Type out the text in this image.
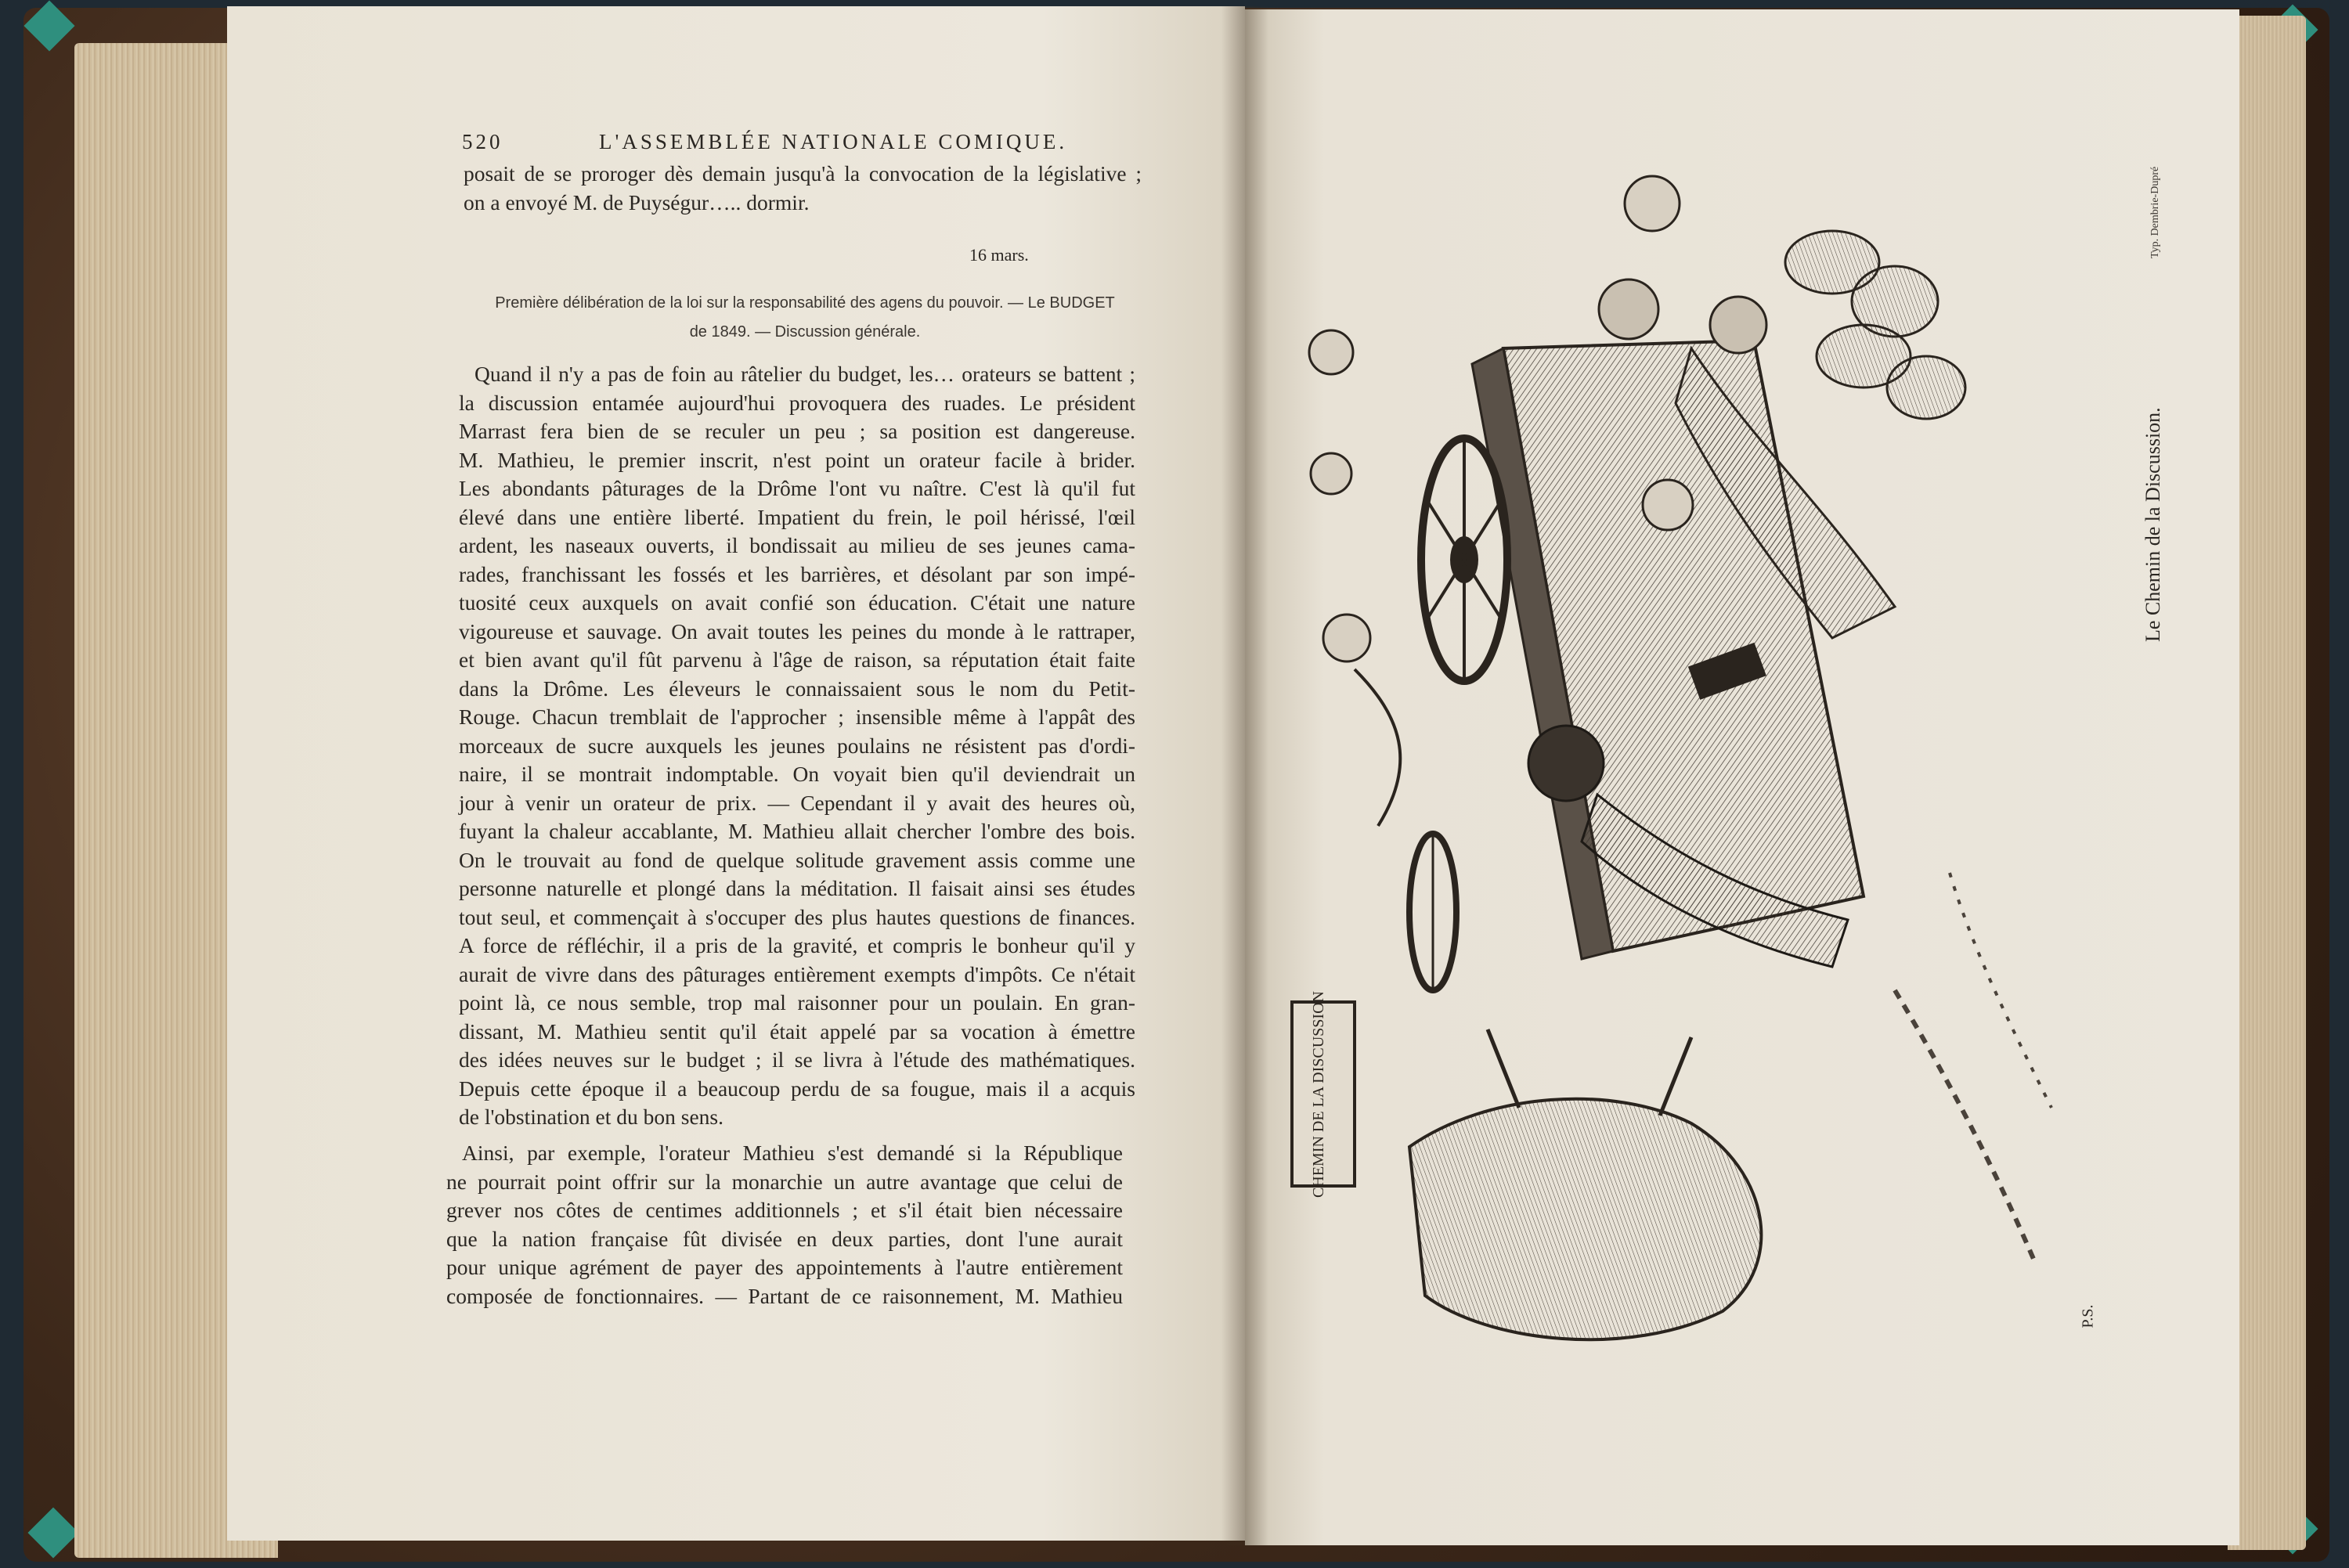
520	L'ASSEMBLÉE NATIONALE COMIQUE.
posait de se proroger dès demain jusqu'à la convocation de la législative ;
on a envoyé M. de Puységur….. dormir.
16 mars.
Première délibération de la loi sur la responsabilité des agens du pouvoir. — Le BUDGET
de 1849. — Discussion générale.
Quand il n'y a pas de foin au râtelier du budget, les… orateurs se battent ;
la discussion entamée aujourd'hui provoquera des ruades. Le président
Marrast fera bien de se reculer un peu ; sa position est dangereuse.
M. Mathieu, le premier inscrit, n'est point un orateur facile à brider.
Les abondants pâturages de la Drôme l'ont vu naître. C'est là qu'il fut
élevé dans une entière liberté. Impatient du frein, le poil hérissé, l'œil
ardent, les naseaux ouverts, il bondissait au milieu de ses jeunes cama-
rades, franchissant les fossés et les barrières, et désolant par son impé-
tuosité ceux auxquels on avait confié son éducation. C'était une nature
vigoureuse et sauvage. On avait toutes les peines du monde à le rattraper,
et bien avant qu'il fût parvenu à l'âge de raison, sa réputation était faite
dans la Drôme. Les éleveurs le connaissaient sous le nom du Petit-
Rouge. Chacun tremblait de l'approcher ; insensible même à l'appât des
morceaux de sucre auxquels les jeunes poulains ne résistent pas d'ordi-
naire, il se montrait indomptable. On voyait bien qu'il deviendrait un
jour à venir un orateur de prix. — Cependant il y avait des heures où,
fuyant la chaleur accablante, M. Mathieu allait chercher l'ombre des bois.
On le trouvait au fond de quelque solitude gravement assis comme une
personne naturelle et plongé dans la méditation. Il faisait ainsi ses études
tout seul, et commençait à s'occuper des plus hautes questions de finances.
A force de réfléchir, il a pris de la gravité, et compris le bonheur qu'il y
aurait de vivre dans des pâturages entièrement exempts d'impôts. Ce n'était
point là, ce nous semble, trop mal raisonner pour un poulain. En gran-
dissant, M. Mathieu sentit qu'il était appelé par sa vocation à émettre
des idées neuves sur le budget ; il se livra à l'étude des mathématiques.
Depuis cette époque il a beaucoup perdu de sa fougue, mais il a acquis
de l'obstination et du bon sens.
Ainsi, par exemple, l'orateur Mathieu s'est demandé si la République
ne pourrait point offrir sur la monarchie un autre avantage que celui de
grever nos côtes de centimes additionnels ; et s'il était bien nécessaire
que la nation française fût divisée en deux parties, dont l'une aurait
pour unique agrément de payer des appointements à l'autre entièrement
composée de fonctionnaires. — Partant de ce raisonnement, M. Mathieu
CHEMIN DE LA DISCUSSION
Le Chemin de la Discussion.
P.S.
Typ. Dembrie-Dupré
